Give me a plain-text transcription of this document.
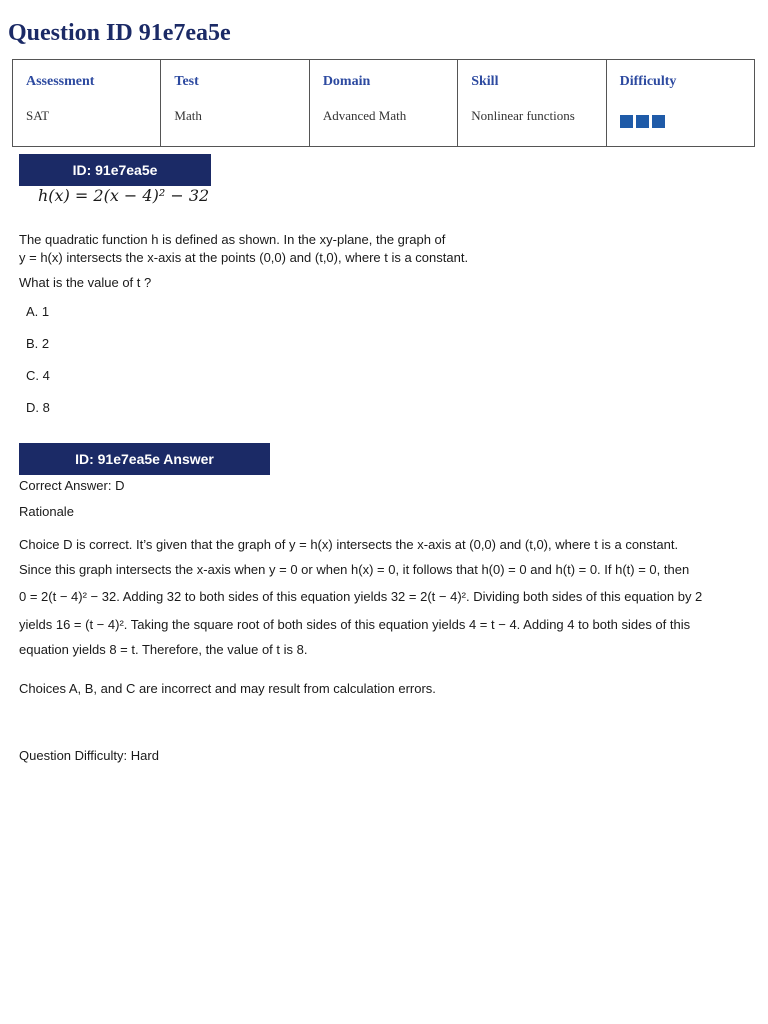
Question ID 91e7ea5e
Assessment
SAT
Test
Math
Domain
Advanced Math
Skill
Nonlinear functions
Difficulty
ID: 91e7ea5e
h(x) = 2(x − 4)² − 32
The quadratic function h is defined as shown. In the xy-plane, the graph of
y = h(x) intersects the x-axis at the points (0,0) and (t,0), where t is a constant.
What is the value of t ?
A. 1
B. 2
C. 4
D. 8
ID: 91e7ea5e Answer
Correct Answer: D
Rationale
Choice D is correct. It’s given that the graph of y = h(x) intersects the x-axis at (0,0) and (t,0), where t is a constant.
Since this graph intersects the x-axis when y = 0 or when h(x) = 0, it follows that h(0) = 0 and h(t) = 0. If h(t) = 0, then
0 = 2(t − 4)² − 32. Adding 32 to both sides of this equation yields 32 = 2(t − 4)². Dividing both sides of this equation by 2
yields 16 = (t − 4)². Taking the square root of both sides of this equation yields 4 = t − 4. Adding 4 to both sides of this
equation yields 8 = t. Therefore, the value of t is 8.
Choices A, B, and C are incorrect and may result from calculation errors.
Question Difficulty: Hard
